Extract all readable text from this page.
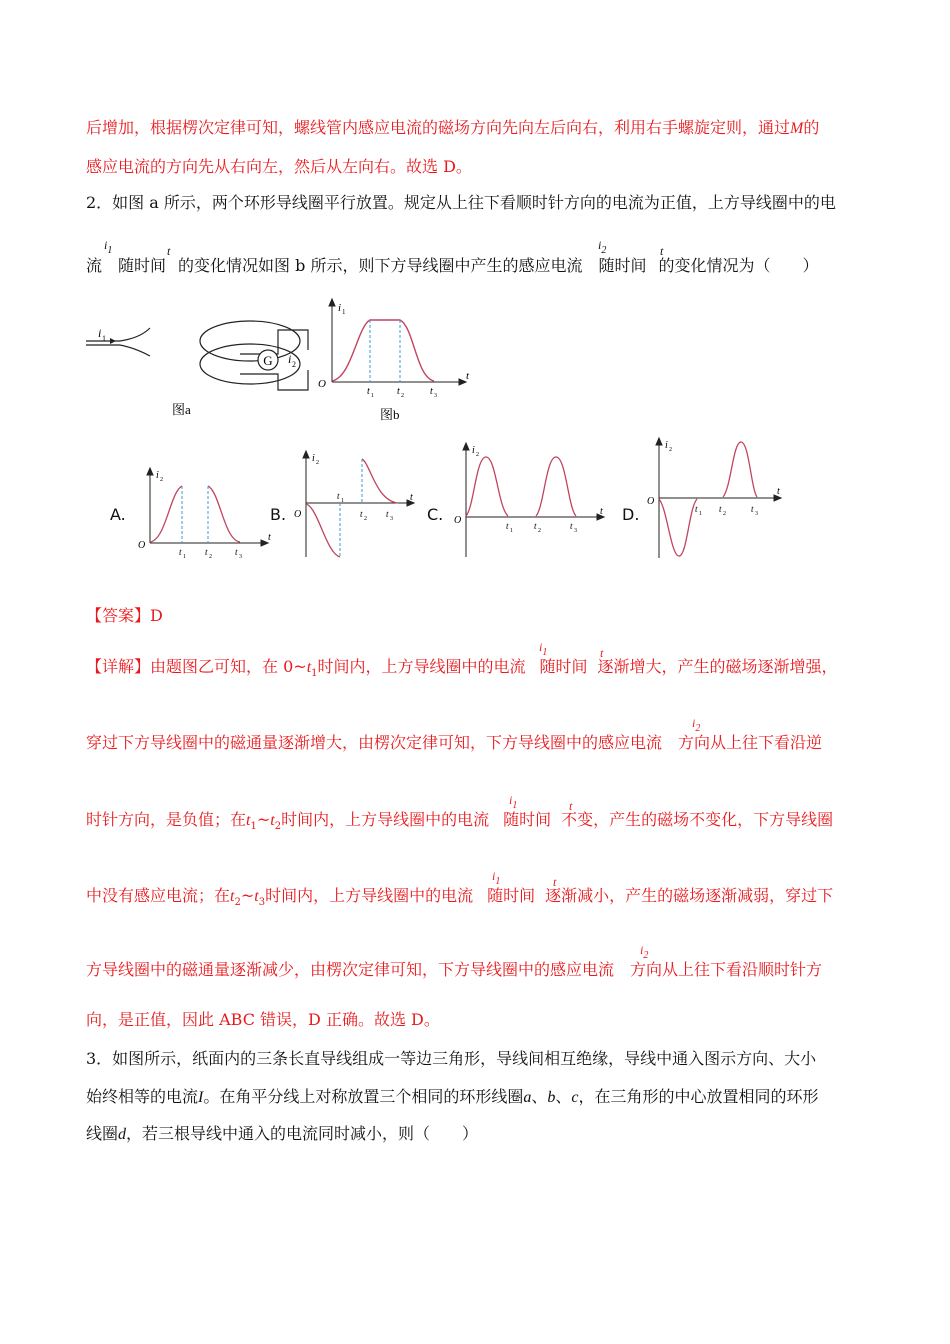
后增加，根据楞次定律可知，螺线管内感应电流的磁场方向先向左后向右，利用右手螺旋定则，通过M的
感应电流的方向先从右向左，然后从左向右。故选 D。
2．如图 a 所示，两个环形导线圈平行放置。规定从上往下看顺时针方向的电流为正值，上方导线圈中的电
流 随时间 的变化情况如图 b 所示，则下方导线圈中产生的感应电流 随时间 的变化情况为（　　）
$i_1$	t	$i_2$	t
G i 2
i 1
图a
i 1
O
t
t 1 t 2	t 3
图b
A.
i 2
O
t
t 1 t 2	t 3
B.
i 2
O
t
t 1
t 2 t 3 C.
i 2
O
t
t 1 t 2	t 3
D.
i 2
O
t
t 1 t 2	t 3
【答案】D
【详解】由题图乙可知，在 $0\sim t_1$时间内，上方导线圈中的电流 随时间 逐渐增大，产生的磁场逐渐增强，
$i_1$	t
穿过下方导线圈中的磁通量逐渐增大，由楞次定律可知，下方导线圈中的感应电流 方向从上往下看沿逆
$i_2$
时针方向，是负值；在$t_1\sim t_2$时间内，上方导线圈中的电流 随时间 不变，产生的磁场不变化，下方导线圈
$i_1$	t
中没有感应电流；在$t_2\sim t_3$时间内，上方导线圈中的电流 随时间 逐渐减小，产生的磁场逐渐减弱，穿过下
$i_1$	t
方导线圈中的磁通量逐渐减少，由楞次定律可知，下方导线圈中的感应电流 方向从上往下看沿顺时针方
$i_2$
向，是正值，因此 ABC 错误，D 正确。故选 D。
3．如图所示，纸面内的三条长直导线组成一等边三角形，导线间相互绝缘，导线中通入图示方向、大小
始终相等的电流I。在角平分线上对称放置三个相同的环形线圈a、b、c，在三角形的中心放置相同的环形
线圈d，若三根导线中通入的电流同时减小，则（　　）
